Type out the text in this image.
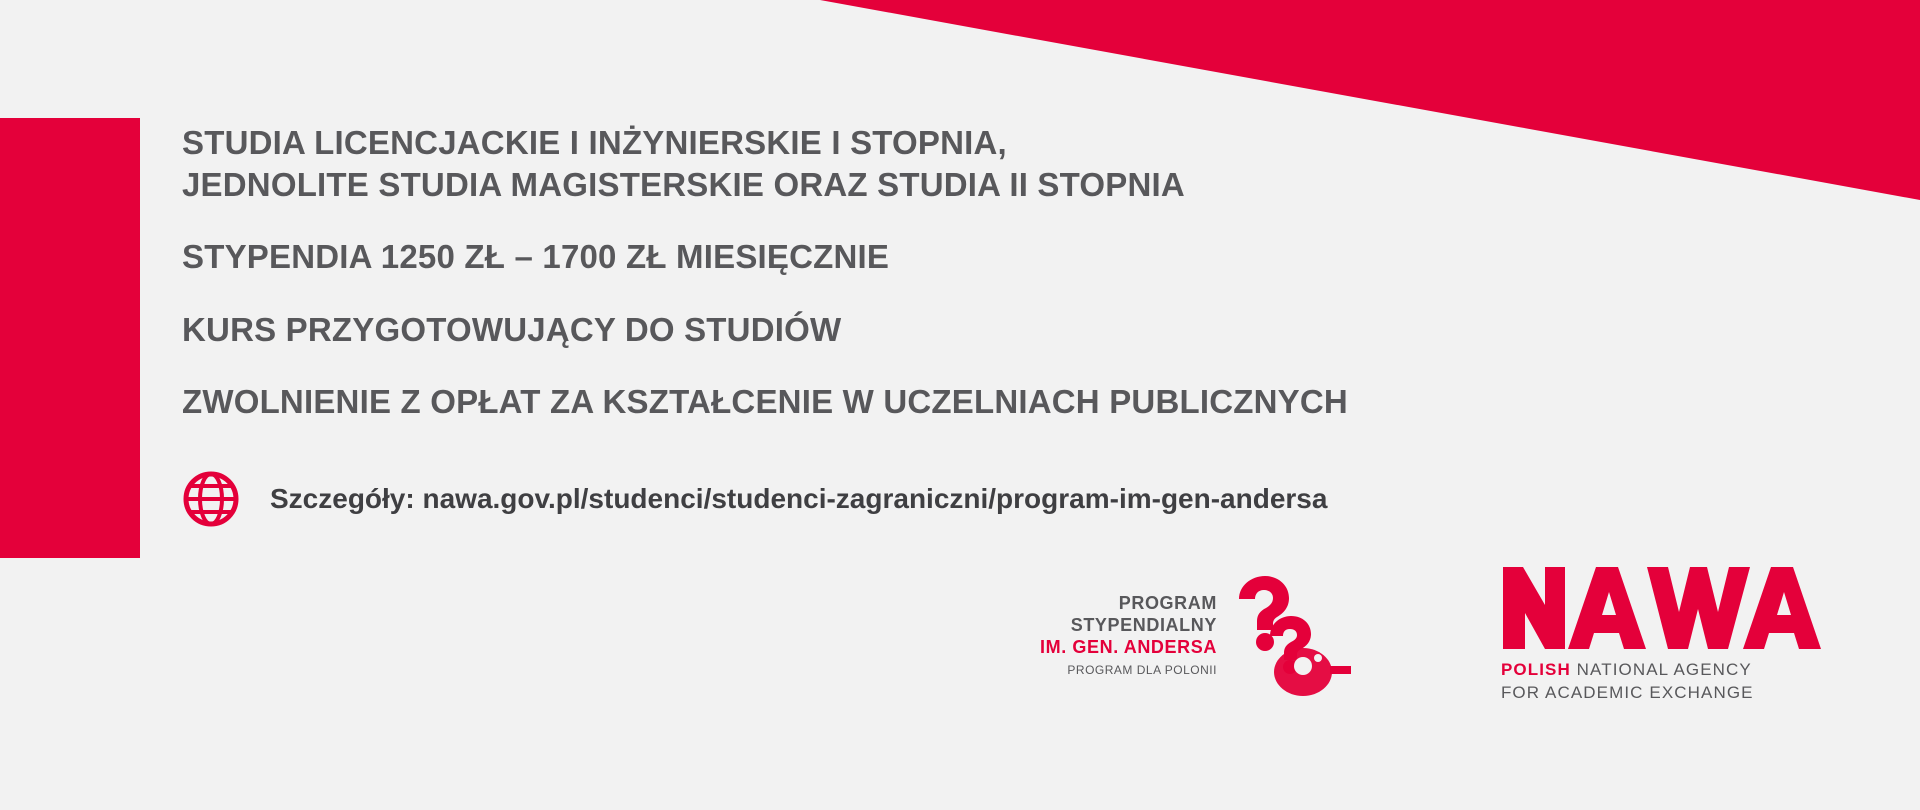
STUDIA LICENCJACKIE I INŻYNIERSKIE I STOPNIA,
JEDNOLITE STUDIA MAGISTERSKIE ORAZ STUDIA II STOPNIA
STYPENDIA 1250 ZŁ – 1700 ZŁ MIESIĘCZNIE
KURS PRZYGOTOWUJĄCY DO STUDIÓW
ZWOLNIENIE Z OPŁAT ZA KSZTAŁCENIE W UCZELNIACH PUBLICZNYCH
Szczegóły: nawa.gov.pl/studenci/studenci-zagraniczni/program-im-gen-andersa
PROGRAM
STYPENDIALNY
IM. GEN. ANDERSA
PROGRAM DLA POLONII	POLISH NATIONAL AGENCY
FOR ACADEMIC EXCHANGE
